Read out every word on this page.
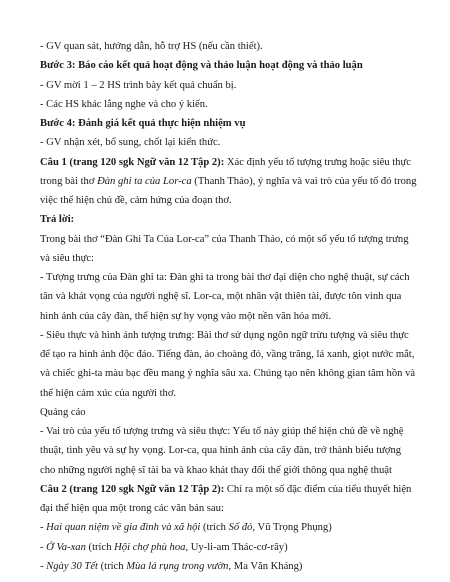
- GV quan sát, hướng dẫn, hỗ trợ HS (nếu cần thiết).
Bước 3: Báo cáo kết quả hoạt động và thảo luận hoạt động và thảo luận
- GV mời 1 – 2 HS trình bày kết quả chuẩn bị.
- Các HS khác lắng nghe và cho ý kiến.
Bước 4: Đánh giá kết quả thực hiện nhiệm vụ
- GV nhận xét, bổ sung, chốt lại kiến thức.
Câu 1 (trang 120 sgk Ngữ văn 12 Tập 2): Xác định yếu tố tượng trưng hoặc siêu thực
trong bài thơ Đàn ghi ta của Lor-ca (Thanh Thảo), ý nghĩa và vai trò của yếu tố đó trong
việc thể hiện chủ đề, cảm hứng của đoạn thơ.
Trả lời:
Trong bài thơ “Đàn Ghi Ta Của Lor-ca” của Thanh Thảo, có một số yếu tố tượng trưng
và siêu thực:
- Tượng trưng của Đàn ghi ta: Đàn ghi ta trong bài thơ đại diện cho nghệ thuật, sự cách
tân và khát vọng của người nghệ sĩ. Lor-ca, một nhân vật thiên tài, được tôn vinh qua
hình ảnh của cây đàn, thể hiện sự hy vọng vào một nền văn hóa mới.
- Siêu thực và hình ảnh tượng trưng: Bài thơ sử dụng ngôn ngữ trừu tượng và siêu thực
để tạo ra hình ảnh độc đáo. Tiếng đàn, áo choàng đỏ, vầng trăng, lá xanh, giọt nước mắt,
và chiếc ghi-ta màu bạc đều mang ý nghĩa sâu xa. Chúng tạo nên không gian tâm hồn và
thể hiện cảm xúc của người thơ.
Quảng cáo
- Vai trò của yếu tố tượng trưng và siêu thực: Yếu tố này giúp thể hiện chủ đề về nghệ
thuật, tình yêu và sự hy vọng. Lor-ca, qua hình ảnh của cây đàn, trở thành biểu tượng
cho những người nghệ sĩ tài ba và khao khát thay đổi thế giới thông qua nghệ thuật
Câu 2 (trang 120 sgk Ngữ văn 12 Tập 2): Chỉ ra một số đặc điểm của tiểu thuyết hiện
đại thể hiện qua một trong các văn bản sau:
- Hai quan niệm về gia đình và xã hội (trích Số đỏ, Vũ Trọng Phụng)
- Ở Va-xan (trích Hội chợ phù hoa, Uy-li-am Thác-cơ-rây)
- Ngày 30 Tết (trích Mùa lá rụng trong vườn, Ma Văn Kháng)
